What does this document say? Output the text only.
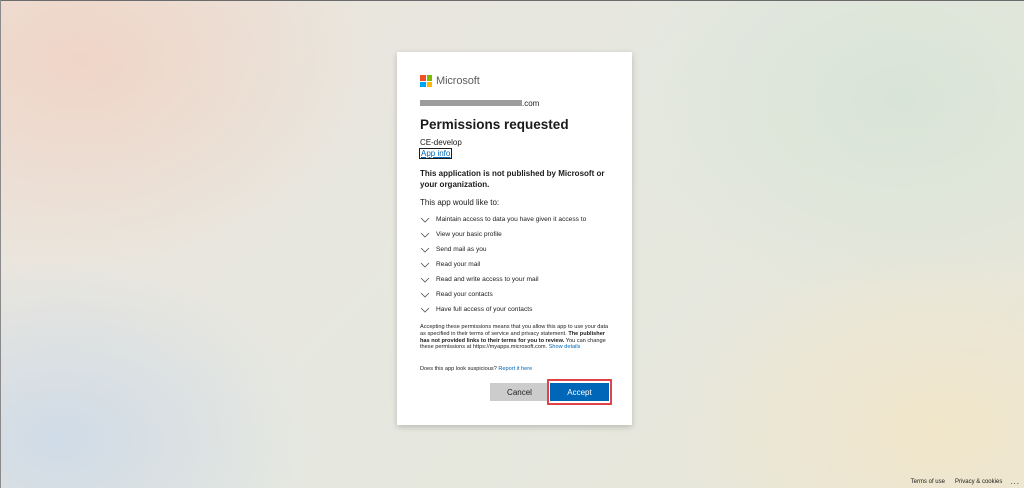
Microsoft
.com
Permissions requested
CE-develop
App info
This application is not published by Microsoft or your organization.
This app would like to:
Maintain access to data you have given it access to
View your basic profile
Send mail as you
Read your mail
Read and write access to your mail
Read your contacts
Have full access of your contacts
Accepting these permissions means that you allow this app to use your data as specified in their terms of service and privacy statement. The publisher has not provided links to their terms for you to review. You can change these permissions at https://myapps.microsoft.com. Show details
Does this app look suspicious? Report it here
Cancel	Accept
Terms of use Privacy & cookies ...
